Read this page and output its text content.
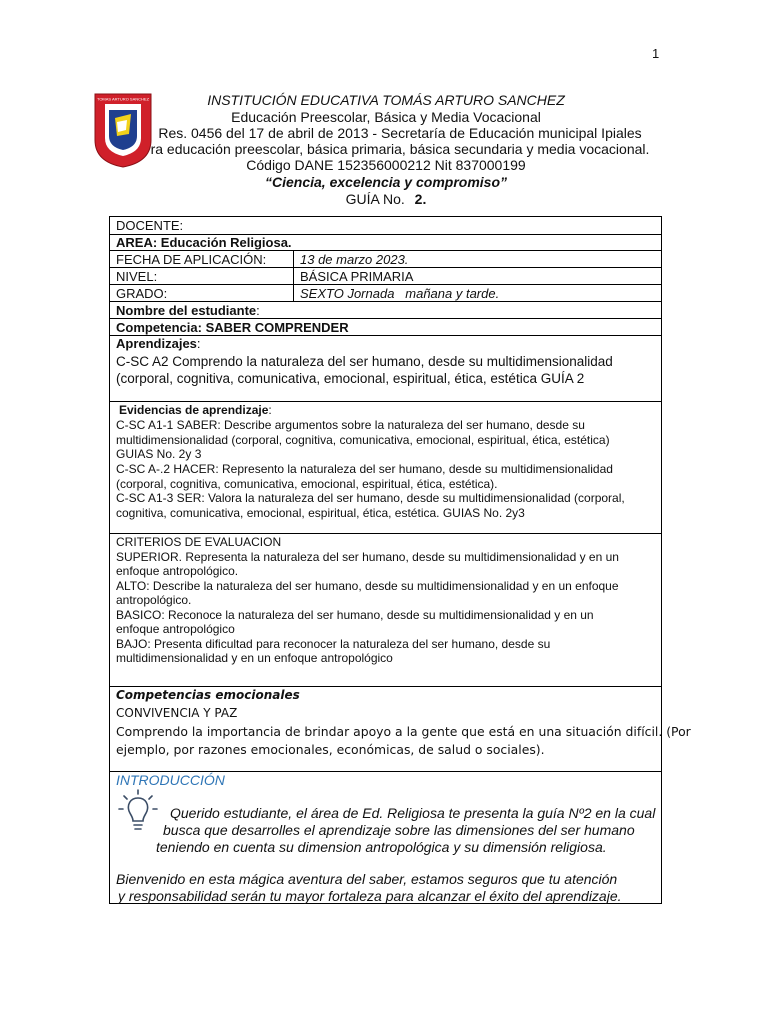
1
TOMAS ARTURO SANCHEZ	INSTITUCIÓN EDUCATIVA TOMÁS ARTURO SANCHEZ
Educación Preescolar, Básica y Media Vocacional
Res. 0456 del 17 de abril de 2013 - Secretaría de Educación municipal Ipiales
ra educación preescolar, básica primaria, básica secundaria y media vocacional.
Código DANE 152356000212 Nit 837000199
“Ciencia, excelencia y compromiso”
GUÍA No. 2.
DOCENTE:
AREA: Educación Religiosa.
FECHA DE APLICACIÓN:	13 de marzo 2023.
NIVEL:	BÁSICA PRIMARIA
GRADO:	SEXTO Jornada   mañana y tarde.
Nombre del estudiante:
Competencia: SABER COMPRENDER
Aprendizajes:
C-SC A2 Comprendo la naturaleza del ser humano, desde su multidimensionalidad
(corporal, cognitiva, comunicativa, emocional, espiritual, ética, estética GUÍA 2
Evidencias de aprendizaje:
C-SC A1-1 SABER: Describe argumentos sobre la naturaleza del ser humano, desde su
multidimensionalidad (corporal, cognitiva, comunicativa, emocional, espiritual, ética, estética)
GUIAS No. 2y 3
C-SC A-.2 HACER: Represento la naturaleza del ser humano, desde su multidimensionalidad
(corporal, cognitiva, comunicativa, emocional, espiritual, ética, estética).
C-SC A1-3 SER: Valora la naturaleza del ser humano, desde su multidimensionalidad (corporal,
cognitiva, comunicativa, emocional, espiritual, ética, estética. GUIAS No. 2y3
CRITERIOS DE EVALUACION
SUPERIOR. Representa la naturaleza del ser humano, desde su multidimensionalidad y en un
enfoque antropológico.
ALTO: Describe la naturaleza del ser humano, desde su multidimensionalidad y en un enfoque
antropológico.
BASICO: Reconoce la naturaleza del ser humano, desde su multidimensionalidad y en un
enfoque antropológico
BAJO: Presenta dificultad para reconocer la naturaleza del ser humano, desde su
multidimensionalidad y en un enfoque antropológico
Competencias emocionales
CONVIVENCIA Y PAZ
Comprendo la importancia de brindar apoyo a la gente que está en una situación difícil. (Por
ejemplo, por razones emocionales, económicas, de salud o sociales).
INTRODUCCIÓN
Querido estudiante, el área de Ed. Religiosa te presenta la guía Nº2 en la cual
busca que desarrolles el aprendizaje sobre las dimensiones del ser humano
teniendo en cuenta su dimension antropológica y su dimensión religiosa.
Bienvenido en esta mágica aventura del saber, estamos seguros que tu atención
y responsabilidad serán tu mayor fortaleza para alcanzar el éxito del aprendizaje.
